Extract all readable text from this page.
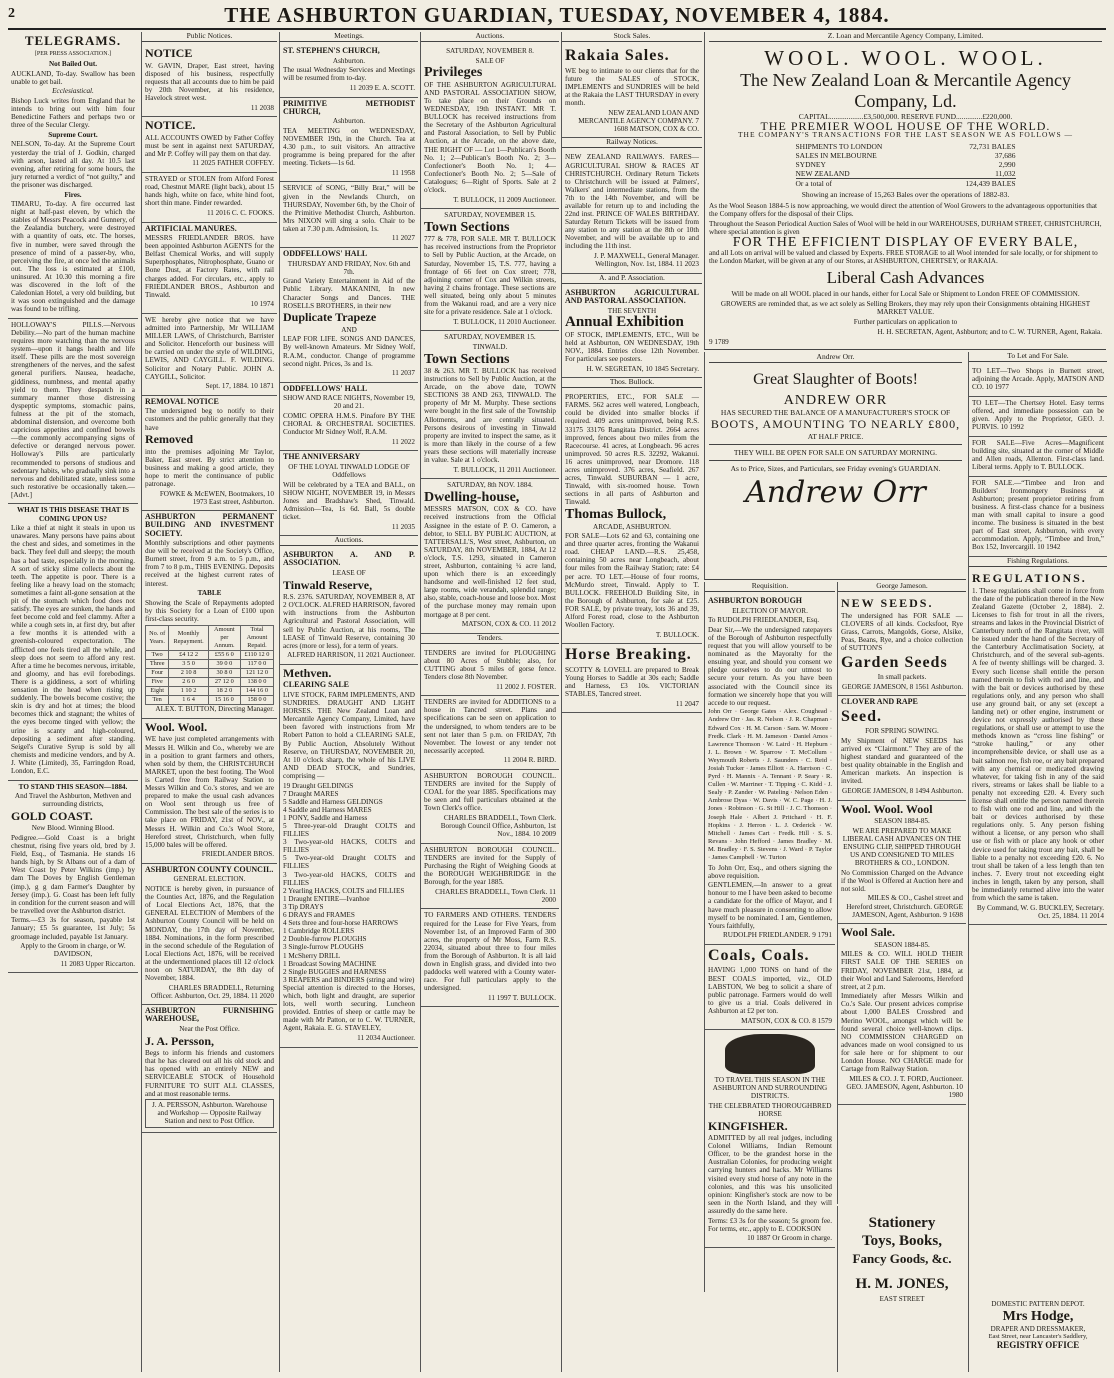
2	THE ASHBURTON GUARDIAN, TUESDAY, NOVEMBER 4, 1884.
TELEGRAMS.
[PER PRESS ASSOCIATION.]

Not Bailed Out.

AUCKLAND, To-day. Swallow has been unable to get bail.

Ecclesiastical.

Bishop Luck writes from England that he intends to bring out with him four Benedictine Fathers and perhaps two or three of the Secular Clergy.

Supreme Court.

NELSON, To-day. At the Supreme Court yesterday the trial of J. Godkin, charged with arson, lasted all day. At 10.5 last evening, after retiring for some hours, the jury returned a verdict of “not guilty,” and the prisoner was discharged.

Fires.

TIMARU, To-day. A fire occurred last night at half-past eleven, by which the stables of Messrs Peacock and Gunnery, of the Zealandia butchery, were destroyed with a quantity of oats, etc. The horses, five in number, were saved through the presence of mind of a passer-by, who, perceiving the fire, at once led the animals out. The loss is estimated at £100, uninsured. At 10.30 this morning a fire was discovered in the loft of the Caledonian Hotel, a very old building, but it was soon extinguished and the damage was found to be trifling.

HOLLOWAY'S PILLS.—Nervous Debility.—No part of the human machine requires more watching than the nervous system—upon it hangs health and life itself. These pills are the most sovereign strengtheners of the nerves, and the safest general purifiers. Nausea, headache, giddiness, numbness, and mental apathy yield to them. They despatch in a summary manner those distressing dyspeptic symptoms, stomachic pains, fulness at the pit of the stomach, abdominal distension, and overcome both capricious appetites and confined bowels—the commonly accompanying signs of defective or deranged nervous power. Holloway's Pills are particularly recommended to persons of studious and sedentary habits, who gradually sink into a nervous and debilitated state, unless some such restorative be occasionally taken.—[Advt.]

WHAT IS THIS DISEASE THAT IS COMING UPON US?

Like a thief at night it steals in upon us unawares. Many persons have pains about the chest and sides, and sometimes in the back. They feel dull and sleepy; the mouth has a bad taste, especially in the morning. A sort of sticky slime collects about the teeth. The appetite is poor. There is a feeling like a heavy load on the stomach; sometimes a faint all-gone sensation at the pit of the stomach which food does not satisfy. The eyes are sunken, the hands and feet become cold and feel clammy. After a while a cough sets in, at first dry, but after a few months it is attended with a greenish-coloured expectoration. The afflicted one feels tired all the while, and sleep does not seem to afford any rest. After a time he becomes nervous, irritable, and gloomy, and has evil forebodings. There is a giddiness, a sort of whirling sensation in the head when rising up suddenly. The bowels become costive; the skin is dry and hot at times; the blood becomes thick and stagnant; the whites of the eyes become tinged with yellow; the urine is scanty and high-coloured, depositing a sediment after standing. Seigel's Curative Syrup is sold by all chemists and medicine vendors, and by A. J. White (Limited), 35, Farringdon Road, London, E.C.

TO STAND THIS SEASON—1884.

And Travel the Ashburton, Methven and surrounding districts,

GOLD COAST.

New Blood. Winning Blood.

Pedigree.—Gold Coast is a bright chestnut, rising five years old, bred by J. Field, Esq., of Tasmania. He stands 16 hands high, by St Albans out of a dam of West Coast by Peter Wilkins (imp.) by dam The Doves by English Gentleman (imp.), g g dam Farmer's Daughter by Jersey (imp.). G. Coast has been left fully in condition for the current season and will be travelled over the Ashburton district.

Terms.—£3 3s for season, payable 1st January; £5 5s guarantee, 1st July; 5s groomage included, payable 1st January.

Apply to the Groom in charge, or W. DAVIDSON,

11 2083 Upper Riccarton.

Public Notices.

NOTICE

W. GAVIN, Draper, East street, having disposed of his business, respectfully requests that all accounts due to him be paid by 20th November, at his residence, Havelock street west.

11 2038

NOTICE.

ALL ACCOUNTS OWED by Father Coffey must be sent in against next SATURDAY, and Mr P. Coffey will pay them on that day.

11 2025 FATHER COFFEY.

STRAYED or STOLEN from Alford Forest road, Chestnut MARE (light back), about 15 hands high, white on face, white hind foot, short thin mane. Finder rewarded.

11 2016 C. C. FOOKS.

ARTIFICIAL MANURES.

MESSRS FRIEDLANDER BROS. have been appointed Ashburton AGENTS for the Belfast Chemical Works, and will supply Superphosphates, Nitrophosphate, Guano or Bone Dust, at Factory Rates, with rail charges added. For circulars, etc., apply to FRIEDLANDER BROS., Ashburton and Tinwald.

10 1974

WE hereby give notice that we have admitted into Partnership, Mr WILLIAM MILLER LAWS, of Christchurch, Barrister and Solicitor. Henceforth our business will be carried on under the style of WILDING, LEWIS, AND CAYGILL. F. WILDING. Solicitor and Notary Public. JOHN A. CAYGILL, Solicitor.

Sept. 17, 1884. 10 1871

REMOVAL NOTICE

The undersigned beg to notify to their customers and the public generally that they have

Removed

into the premises adjoining Mr Taylor, Baker, East street. By strict attention to business and making a good article, they hope to merit the continuance of public patronage.

FOWKE & McEWEN, Bootmakers, 10 1973 East street, Ashburton.

ASHBURTON PERMANENT BUILDING AND INVESTMENT SOCIETY.

Monthly subscriptions and other payments due will be received at the Society's Office, Burnett street, from 9 a.m. to 5 p.m., and from 7 to 8 p.m., THIS EVENING. Deposits received at the highest current rates of interest.

TABLE

Showing the Scale of Repayments adopted by this Society for a Loan of £100 upon first-class security.

No. of Years.	Monthly Repayment.	Amount per Annum.	Total Amount Repaid.
Two	£4 12 2	£55 6 0	£110 12 0
Three	3 5 0	39 0 0	117 0 0
Four	2 10 8	30 8 0	121 12 0
Five	2 6 0	27 12 0	138 0 0
Eight	1 10 2	18 2 0	144 16 0
Ten	1 6 4	15 16 0	158 0 0

ALEX. T. BUTTON, Directing Manager.

Wool. Wool.

WE have just completed arrangements with Messrs H. Wilkin and Co., whereby we are in a position to grant farmers and others, when sold by them, the CHRISTCHURCH MARKET, upon the best footing. The Wool is Carted free from Railway Station to Messrs Wilkin and Co.'s stores, and we are prepared to make the usual cash advances on Wool sent through us free of Commission. The best sale of the series is to take place on FRIDAY, 21st of NOV., at Messrs H. Wilkin and Co.'s Wool Store, Hereford street, Christchurch, when fully 15,000 bales will be offered.

FRIEDLANDER BROS.

ASHBURTON COUNTY COUNCIL.

GENERAL ELECTION.

NOTICE is hereby given, in pursuance of the Counties Act, 1876, and the Regulation of Local Elections Act, 1876, that the GENERAL ELECTION of Members of the Ashburton County Council will be held on MONDAY, the 17th day of November, 1884. Nominations, in the form prescribed in the second schedule of the Regulation of Local Elections Act, 1876, will be received at the undermentioned places till 12 o'clock noon on SATURDAY, the 8th day of November, 1884.

CHARLES BRADDELL, Returning Officer. Ashburton, Oct. 29, 1884. 11 2020

ASHBURTON FURNISHING WAREHOUSE,

Near the Post Office.

J. A. Persson,

Begs to inform his friends and customers that he has cleared out all his old stock and has opened with an entirely NEW and SERVICEABLE STOCK of Household FURNITURE TO SUIT ALL CLASSES, and at most reasonable terms.

J. A. PERSSON, Ashburton. Warehouse and Workshop — Opposite Railway Station and next to Post Office.

Meetings.

ST. STEPHEN'S CHURCH,

Ashburton.

The usual Wednesday Services and Meetings will be resumed from to-day.

11 2039 E. A. SCOTT.

PRIMITIVE METHODIST CHURCH,

Ashburton.

TEA MEETING on WEDNESDAY, NOVEMBER 19th, in the Church. Tea at 4.30 p.m., to suit visitors. An attractive programme is being prepared for the after meeting. Tickets—1s 6d.

11 1958

SERVICE of SONG, “Billy Brat,” will be given in the Newlands Church, on THURSDAY, November 6th, by the Choir of the Primitive Methodist Church, Ashburton. Mrs NIXON will sing a solo. Chair to be taken at 7.30 p.m. Admission, 1s.

11 2027

ODDFELLOWS' HALL

THURSDAY AND FRIDAY, Nov. 6th and 7th.

Grand Variety Entertainment in Aid of the Public Library. MAKANINI, In new Character Songs and Dances. THE ROSELLS BROTHERS, in their new

Duplicate Trapeze

AND

LEAP FOR LIFE. SONGS AND DANCES, By well-known Amateurs. Mr Sidney Wolf, R.A.M., conductor. Change of programme second night. Prices, 3s and 1s.

11 2037

ODDFELLOWS' HALL

SHOW AND RACE NIGHTS, November 19, 20 and 21.

COMIC OPERA H.M.S. Pinafore BY THE CHORAL & ORCHESTRAL SOCIETIES. Conductor Mr Sidney Wolf, R.A.M.

11 2022

THE ANNIVERSARY

OF THE LOYAL TINWALD LODGE OF Oddfellows

Will be celebrated by a TEA and BALL, on SHOW NIGHT, NOVEMBER 19, in Messrs Jones and Bradshaw's Shed, Tinwald. Admission—Tea, 1s 6d. Ball, 5s double ticket.

11 2035

Auctions.

ASHBURTON A. AND P. ASSOCIATION.

LEASE OF

Tinwald Reserve,

R.S. 2376. SATURDAY, NOVEMBER 8, AT 2 O'CLOCK. ALFRED HARRISON, favored with instructions from the Ashburton Agricultural and Pastoral Association, will sell by Public Auction, at his rooms, The LEASE of Tinwald Reserve, containing 30 acres (more or less), for a term of years.

ALFRED HARRISON, 11 2021 Auctioneer.

Methven.

CLEARING SALE

LIVE STOCK, FARM IMPLEMENTS, AND SUNDRIES. DRAUGHT AND LIGHT HORSES. THE New Zealand Loan and Mercantile Agency Company, Limited, have been favored with instructions from Mr Robert Patton to hold a CLEARING SALE, By Public Auction, Absolutely Without Reserve, on THURSDAY, NOVEMBER 20, At 10 o'clock sharp, the whole of his LIVE AND DEAD STOCK, and Sundries, comprising —

19 Draught GELDINGS

7 Draught MARES

5 Saddle and Harness GELDINGS

4 Saddle and Harness MARES

1 PONY, Saddle and Harness

5 Three-year-old Draught COLTS and FILLIES

3 Two-year-old HACKS, COLTS and FILLIES

5 Two-year-old Draught COLTS and FILLIES

3 Two-year-old HACKS, COLTS and FILLIES

2 Yearling HACKS, COLTS and FILLIES

1 Draught ENTIRE—Ivanhoe

3 Tip DRAYS

6 DRAYS and FRAMES

4 Sets three and four-horse HARROWS

1 Cambridge ROLLERS

2 Double-furrow PLOUGHS

3 Single-furrow PLOUGHS

1 McSherry DRILL

1 Broadcast Sowing MACHINE

2 Single BUGGIES and HARNESS

3 REAPERS and BINDERS (string and wire)

Special attention is directed to the Horses, which, both light and draught, are superior lots, well worth securing. Luncheon provided. Entries of sheep or cattle may be made with Mr Patton, or to C. W. TURNER, Agent, Rakaia. E. G. STAVELEY,

11 2034 Auctioneer.

Auctions.

SATURDAY, NOVEMBER 8.

SALE OF

Privileges

OF THE ASHBURTON AGRICULTURAL AND PASTORAL ASSOCIATION SHOW, To take place on their Grounds on WEDNESDAY, 19th INSTANT. MR T. BULLOCK has received instructions from the Secretary of the Ashburton Agricultural and Pastoral Association, to Sell by Public Auction, at the Arcade, on the above date, THE RIGHT OF — Lot 1—Publican's Booth No. 1; 2—Publican's Booth No. 2; 3—Confectioner's Booth No. 1; 4—Confectioner's Booth No. 2; 5—Sale of Catalogues; 6—Right of Sports. Sale at 2 o'clock.

T. BULLOCK, 11 2009 Auctioneer.

SATURDAY, NOVEMBER 15.

Town Sections

777 & 778, FOR SALE. MR T. BULLOCK has received instructions from the Proprietor to Sell by Public Auction, at the Arcade, on Saturday, November 15, T.S. 777, having a frontage of 66 feet on Cox street; 778, adjoining corner of Cox and Wilkin streets, having 2 chains frontage. These sections are well situated, being only about 5 minutes from the Wakanui road, and are a very nice site for a private residence. Sale at 1 o'clock.

T. BULLOCK, 11 2010 Auctioneer.

SATURDAY, NOVEMBER 15.

TINWALD.

Town Sections

38 & 263. MR T. BULLOCK has received instructions to Sell by Public Auction, at the Arcade, on the above date, TOWN SECTIONS 38 AND 263, TINWALD. The property of Mr M. Murphy. These sections were bought in the first sale of the Township Allotments, and are centrally situated. Persons desirous of investing in Tinwald property are invited to inspect the same, as it is more than likely in the course of a few years these sections will materially increase in value. Sale at 1 o'clock.

T. BULLOCK, 11 2011 Auctioneer.

SATURDAY, 8th NOV. 1884.

Dwelling-house,

MESSRS MATSON, COX & CO. have received instructions from the Official Assignee in the estate of P. O. Cameron, a debtor, to SELL BY PUBLIC AUCTION, at TATTERSALL'S, West street, Ashburton, on SATURDAY, 8th NOVEMBER, 1884, At 12 o'clock, T.S. 1293, situated in Cameron street, Ashburton, containing ¼ acre land, upon which there is an exceedingly handsome and well-finished 12 feet stud, large rooms, wide verandah, splendid range; also, stable, coach-house and loose box. Most of the purchase money may remain upon mortgage at 8 per cent.

MATSON, COX & CO. 11 2012

Tenders.

TENDERS are invited for PLOUGHING about 80 Acres of Stubble; also, for CUTTING about 5 miles of gorse fence. Tenders close 8th November.

11 2002 J. FOSTER.

TENDERS are invited for ADDITIONS to a house in Tancred street. Plans and specifications can be seen on application to the undersigned, to whom tenders are to be sent not later than 5 p.m. on FRIDAY, 7th November. The lowest or any tender not necessarily accepted.

11 2004 R. BIRD.

ASHBURTON BOROUGH COUNCIL. TENDERS are invited for the Supply of COAL for the year 1885. Specifications may be seen and full particulars obtained at the Town Clerk's office.

CHARLES BRADDELL, Town Clerk. Borough Council Office, Ashburton, 1st Nov., 1884. 10 2009

ASHBURTON BOROUGH COUNCIL. TENDERS are invited for the Supply of Purchasing the Right of Weighing Goods at the BOROUGH WEIGHBRIDGE in the Borough, for the year 1885.

CHARLES BRADDELL, Town Clerk. 11 2000

TO FARMERS AND OTHERS. TENDERS required for the Lease for Five Years, from November 1st, of an Improved Farm of 300 acres, the property of Mr Moss, Farm R.S. 22034, situated about three to four miles from the Borough of Ashburton. It is all laid down in English grass, and divided into two paddocks well watered with a County water-race. For full particulars apply to the undersigned.

11 1997 T. BULLOCK.

Stock Sales.

Rakaia Sales.

WE beg to intimate to our clients that for the future the SALES of STOCK, IMPLEMENTS and SUNDRIES will be held at the Rakaia the LAST THURSDAY in every month.

NEW ZEALAND LOAN AND MERCANTILE AGENCY COMPANY. 7 1608 MATSON, COX & CO.

Railway Notices.

NEW ZEALAND RAILWAYS. FARES—AGRICULTURAL SHOW & RACES AT CHRISTCHURCH. Ordinary Return Tickets to Christchurch will be issued at Palmers', Walkers' and intermediate stations, from the 7th to the 14th November, and will be available for return up to and including the 22nd inst. PRINCE OF WALES BIRTHDAY. Saturday Return Tickets will be issued from any station to any station at the 8th or 10th November, and will be available up to and including the 11th inst.

J. P. MAXWELL, General Manager. Wellington, Nov. 1st, 1884. 11 2023

A. and P. Association.

ASHBURTON AGRICULTURAL AND PASTORAL ASSOCIATION.

THE SEVENTH

Annual Exhibition

OF STOCK, IMPLEMENTS, ETC., Will be held at Ashburton, ON WEDNESDAY, 19th NOV., 1884. Entries close 12th November. For particulars see posters.

H. W. SEGRETAN, 10 1845 Secretary.

Thos. Bullock.

PROPERTIES, ETC., FOR SALE — FARMS. 562 acres well watered, Longbeach, could be divided into smaller blocks if required. 409 acres unimproved, being R.S. 33175 33176 Rangitata District. 2664 acres improved, fences about two miles from the Racecourse. 41 acres, at Longbeach. 96 acres unimproved. 50 acres R.S. 32292, Wakanui. 16 acres unimproved, near Dromore. 118 acres unimproved. 376 acres, Seafield. 267 acres, Tinwald. SUBURBAN — 1 acre, Tinwald, with six-roomed house. Town sections in all parts of Ashburton and Tinwald.

Thomas Bullock,

ARCADE, ASHBURTON.

FOR SALE—Lots 62 and 63, containing one and three quarter acres, fronting the Wakanui road. CHEAP LAND.—R.S. 25,458, containing 50 acres near Longbeach, about four miles from the Railway Station; rate: £4 per acre. TO LET.—House of four rooms, McMurdo street, Tinwald. Apply to T. BULLOCK. FREEHOLD Building Site, in the Borough of Ashburton, for sale at £25. FOR SALE, by private treaty, lots 36 and 39, Alford Forest road, close to the Ashburton Woollen Factory.

T. BULLOCK.

Horse Breaking.

SCOTTY & LOVELL are prepared to Break Young Horses to Saddle at 30s each; Saddle and Harness, £3 10s. VICTORIAN STABLES, Tancred street.

11 2047

Z. Loan and Mercantile Agency Company, Limited.
WOOL. WOOL. WOOL.
The New Zealand Loan & Mercantile Agency Company, Ld.
CAPITAL..................£3,500,000. RESERVE FUND..............£220,000.
THE PREMIER WOOL HOUSE OF THE WORLD.
THE COMPANY'S TRANSACTIONS FOR THE LAST SEASON WE AS FOLLOWS —
SHIPMENTS TO LONDON	72,731 BALES
SALES IN MELBOURNE	37,686
SYDNEY	2,990
NEW ZEALAND	11,032
Or a total of	124,439 BALES
Showing an increase of 15,263 Bales over the operations of 1882-83.

As the Wool Season 1884-5 is now approaching, we would direct the attention of Wool Growers to the advantageous opportunities that the Company offers for the disposal of their Clips.

Throughout the Season Periodical Auction Sales of Wool will be held in our WAREHOUSES, DURHAM STREET, CHRISTCHURCH, where special attention is given

FOR THE EFFICIENT DISPLAY OF EVERY BALE,

and all Lots on arrival will be valued and classed by Experts. FREE STORAGE to all Wool intended for sale locally, or for shipment to the London Market, will be given at any of our Stores, at ASHBURTON, CHERTSEY, or RAKAIA.

Liberal Cash Advances

Will be made on all WOOL placed in our hands, either for Local Sale or Shipment to London FREE OF COMMISSION.

GROWERS are reminded that, as we act solely as Selling Brokers, they may rely upon their Consignments obtaining HIGHEST MARKET VALUE.

Further particulars on application to

H. H. SECRETAN, Agent, Ashburton; and to C. W. TURNER, Agent, Rakaia.

9 1789

Andrew Orr.
Great Slaughter of Boots!
ANDREW ORR

HAS SECURED THE BALANCE OF A MANUFACTURER'S STOCK OF

BOOTS, AMOUNTING TO NEARLY £800,

AT HALF PRICE.

THEY WILL BE OPEN FOR SALE ON SATURDAY MORNING.

As to Price, Sizes, and Particulars, see Friday evening's GUARDIAN.

Andrew Orr
To Let and For Sale.

TO LET—Two Shops in Burnett street, adjoining the Arcade. Apply, MATSON AND CO. 10 1977

TO LET—The Chertsey Hotel. Easy terms offered, and immediate possession can be given. Apply to the Proprietor, GEO. J. PURVIS. 10 1992

FOR SALE—Five Acres—Magnificent building site, situated at the corner of Middle and Allen roads, Allenton. First-class land. Liberal terms. Apply to T. BULLOCK.

FOR SALE.—“Timbee and Iron and Builders' Ironmongery Business at Ashburton; present proprietor retiring from business. A first-class chance for a business man with small capital to insure a good income. The business is situated in the best part of East street, Ashburton, with every accommodation. Apply, “Timbee and Iron,” Box 152, Invercargill. 10 1942

Fishing Regulations.

REGULATIONS.

1. These regulations shall come in force from the date of the publication thereof in the New Zealand Gazette (October 2, 1884). 2. Licenses to fish for trout in all the rivers, streams and lakes in the Provincial District of Canterbury north of the Rangitata river, will be issued under the hand of the Secretary of the Canterbury Acclimatisation Society, at Christchurch, and of the several sub-agents. A fee of twenty shillings will be charged. 3. Every such license shall entitle the person named therein to fish with rod and line, and with the bait or devices authorised by these regulations only, and any person who shall use any ground bait, or any set (except a landing net) or other engine, instrument or device not expressly authorised by these regulations, or shall use or attempt to use the methods known as “cross line fishing” or “stroke hauling,” or any other incomprehensible device, or shall use as a bait salmon roe, fish roe, or any bait prepared with any chemical or medicated drawing whatever, for taking fish in any of the said rivers, streams or lakes shall be liable to a penalty not exceeding £20. 4. Every such license shall entitle the person named therein to fish with one rod and line, and with the bait or devices authorised by these regulations only. 5. Any person fishing without a license, or any person who shall use or fish with or place any hook or other device used for taking trout any bait, shall be liable to a penalty not exceeding £20. 6. No trout shall be taken of a less length than ten inches. 7. Every trout not exceeding eight inches in length, taken by any person, shall be immediately returned alive into the water from which the same is taken.

By Command, W. G. BUCKLEY, Secretary. Oct. 25, 1884. 11 2014

Requisition.

ASHBURTON BOROUGH

ELECTION OF MAYOR.

To RUDOLPH FRIEDLANDER, Esq.

Dear Sir,—We the undersigned ratepayers of the Borough of Ashburton respectfully request that you will allow yourself to be nominated as the Mayoralty for the ensuing year, and should you consent we pledge ourselves to do our utmost to secure your return. As you have been associated with the Council since its formation we sincerely hope that you will accede to our request.

John Orr · George Gates · Alex. Coughead · Andrew Orr · Jas. R. Nelson · J. R. Chapman · Edward Cox · H. M. Carson · Sam. W. Moore · Fredk. Clark · H. M. Jameson · Daniel Amos · Lawrence Thomson · W. Laird · H. Hepburn · J. L. Brown · W. Sparrow · T. McCollum · Weymouth Roberts · J. Saunders · C. Reid · Josiah Tucker · James Elliott · A. Harrison · C. Pyrd · H. Mannix · A. Tennant · P. Seary · R. Cullen · W. Marriner · T. Tipping · C. Kidd · J. Sealy · P. Zander · W. Pateling · Nelson Eden · Ambrose Dyas · W. Davis · W. C. Page · H. J. Jones · Robinson · G. St Hill · J. C. Thomson · Joseph Hale · Albert J. Pritchard · H. F. Hopkins · J. Herron · L. J. Orderick · W. Mitchell · James Cart · Fredk. Hill · S. S. Revans · John Hefford · James Bradley · M. M. Bradley · F. S. Stevens · J. Ward · P. Taylor · James Campbell · W. Turton

To John Orr, Esq., and others signing the above requisition.

GENTLEMEN,—In answer to a great honour to me I have been asked to become a candidate for the office of Mayor, and I have much pleasure in consenting to allow myself to be nominated. I am, Gentlemen, Yours faithfully,

RUDOLPH FRIEDLANDER. 9 1791

Coals, Coals.

HAVING 1,000 TONS on hand of the BEST COALS imported, viz., OLD LABSTON, We beg to solicit a share of public patronage. Farmers would do well to give us a trial. Coals delivered in Ashburton at £2 per ton.

MATSON, COX & CO. 8 1579

TO TRAVEL THIS SEASON IN THE ASHBURTON AND SURROUNDING DISTRICTS.

THE CELEBRATED THOROUGHBRED HORSE

KINGFISHER.

ADMITTED by all real judges, including Colonel Williams, Indian Remount Officer, to be the grandest horse in the Australian Colonies, for producing weight carrying hunters and hacks. Mr Williams visited every stud horse of any note in the colonies, and this was his unsolicited opinion: Kingfisher's stock are now to be seen in the North Island, and they will assuredly do the same here.

Terms: £3 3s for the season; 5s groom fee. For terms, etc., apply to E. COOKSON

10 1887 Or Groom in charge.

George Jameson.

NEW SEEDS.

The undersigned has FOR SALE — CLOVERS of all kinds. Cocksfoot, Rye Grass, Carrots, Mangolds, Gorse, Alsike, Peas, Beans, Rye, and a choice collection of SUTTON'S

Garden Seeds

In small packets.

GEORGE JAMESON, 8 1561 Ashburton.

CLOVER AND RAPE

Seed.

FOR SPRING SOWING.

My Shipment of NEW SEEDS has arrived ex “Clairmont.” They are of the highest standard and guaranteed of the best quality obtainable in the English and American markets. An inspection is invited.

GEORGE JAMESON, 8 1494 Ashburton.

Wool. Wool. Wool

SEASON 1884-85.

WE ARE PREPARED TO MAKE LIBERAL CASH ADVANCES ON THE ENSUING CLIP, SHIPPED THROUGH US AND CONSIGNED TO MILES BROTHERS & CO., LONDON.

No Commission Charged on the Advance if the Wool is Offered at Auction here and not sold.

MILES & CO., Cashel street and Hereford street, Christchurch. GEORGE JAMESON, Agent, Ashburton. 9 1698

Wool Sale.

SEASON 1884-85.

MILES & CO. WILL HOLD THEIR FIRST SALE OF THE SERIES on FRIDAY, NOVEMBER 21st, 1884, at their Wool and Land Salerooms, Hereford street, at 2 p.m.

Immediately after Messrs Wilkin and Co.'s Sale. Our present advices comprise about 1,000 BALES Crossbred and Merino WOOL, amongst which will be found several choice well-known clips. NO COMMISSION CHARGED on advances made on wool consigned to us for sale here or for shipment to our London House. NO CHARGE made for Cartage from Railway Station.

MILES & CO. J. T. FORD, Auctioneer. GEO. JAMESON, Agent, Ashburton. 10 1980

Stationery
Toys, Books,
Fancy Goods, &c.
H. M. JONES,
EAST STREET
DOMESTIC PATTERN DEPOT.
Mrs Hodge,
DRAPER AND DRESSMAKER,
East Street, near Lancaster's Saddlery,
REGISTRY OFFICE
